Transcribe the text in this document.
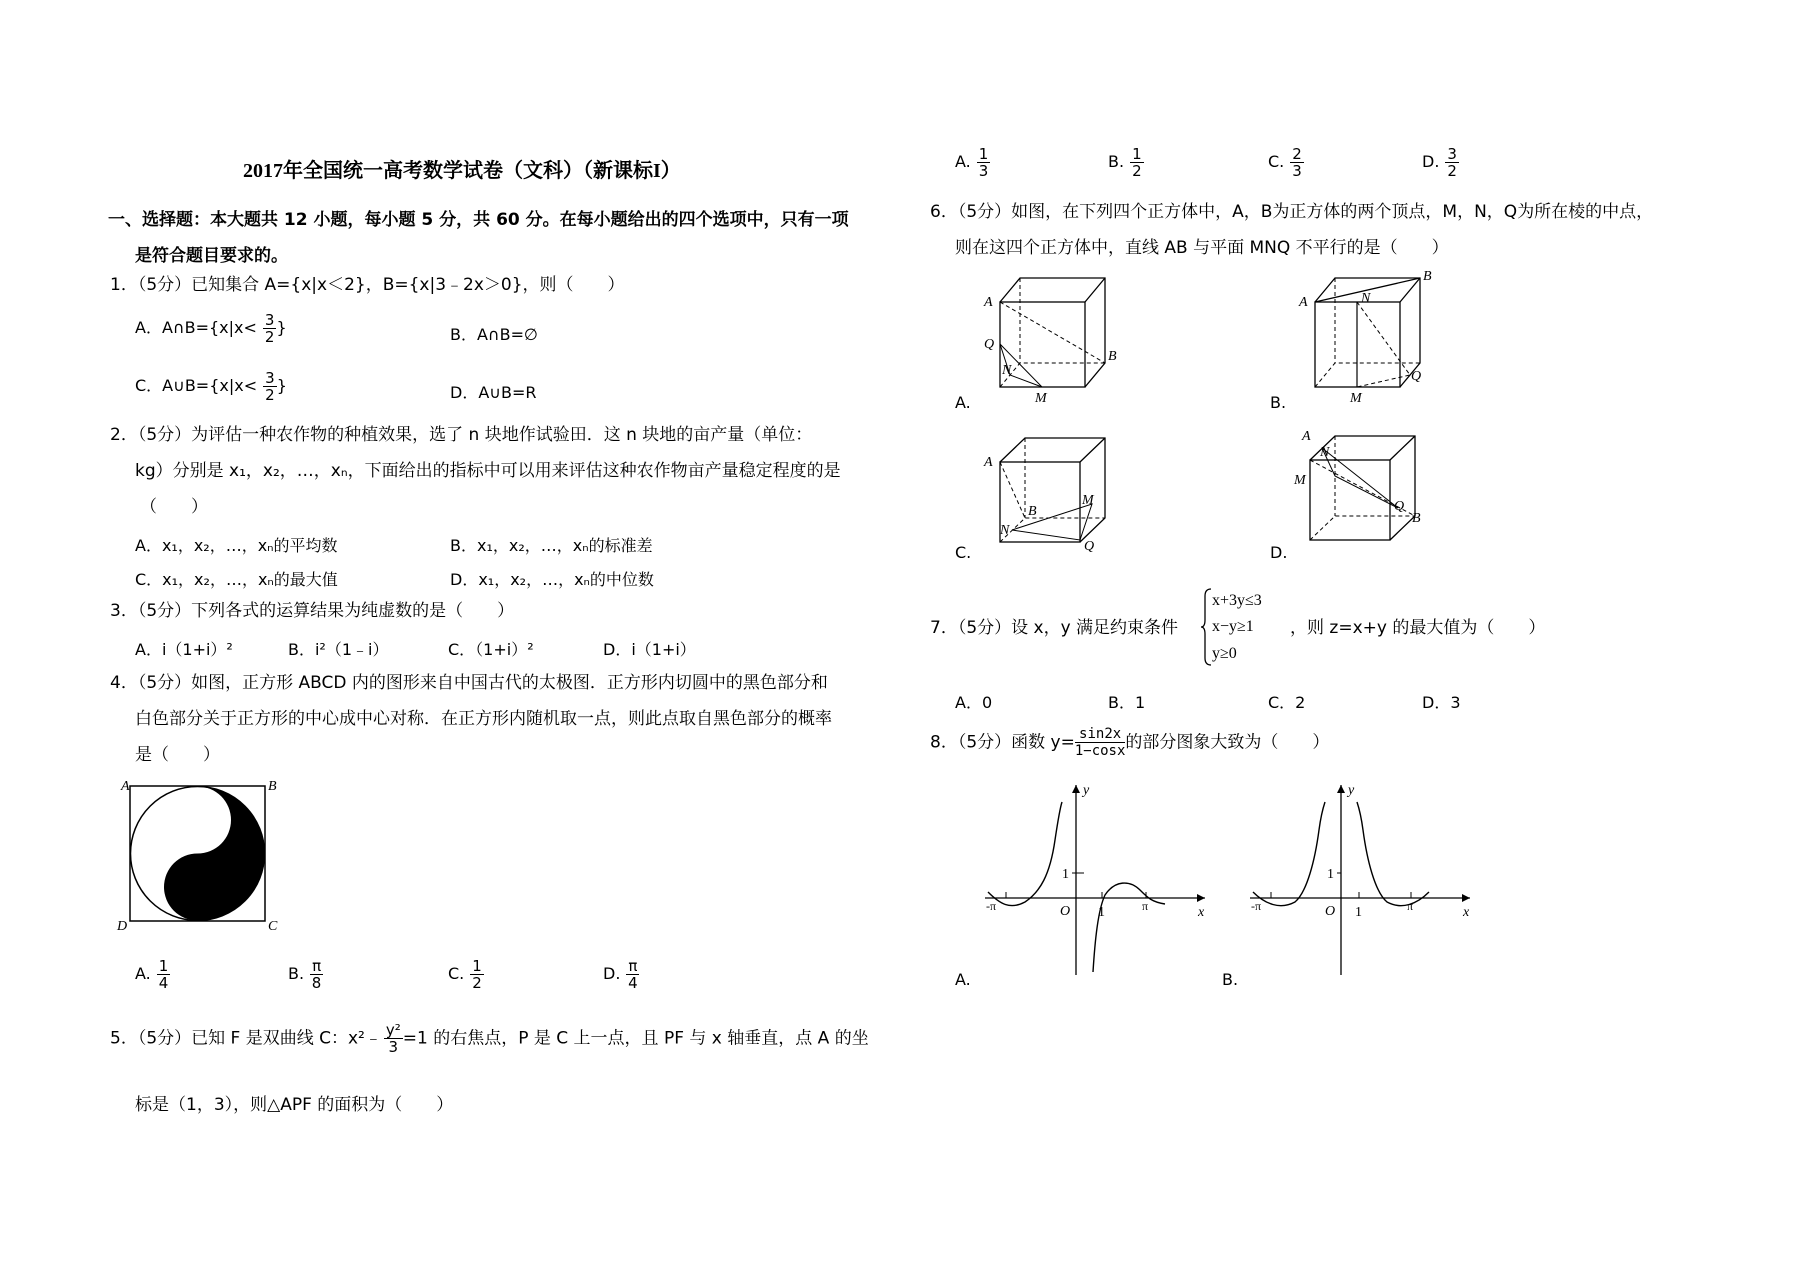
2017年全国统一高考数学试卷（文科）（新课标I）
一、选择题：本大题共 12 小题，每小题 5 分，共 60 分。在每小题给出的四个选项中，只有一项
是符合题目要求的。
1．（5分）已知集合 A={x|x＜2}，B={x|3﹣2x＞0}，则（　　）
A．A∩B={x|x< $\frac{3}{2}$ }	B．A∩B=∅
C．A∪B={x|x< $\frac{3}{2}$ }	D．A∪B=R
2．（5分）为评估一种农作物的种植效果，选了 n 块地作试验田．这 n 块地的亩产量（单位：
kg）分别是 x₁，x₂，…，xₙ，下面给出的指标中可以用来评估这种农作物亩产量稳定程度的是
（　　）
A．x₁，x₂，…，xₙ的平均数	B．x₁，x₂，…，xₙ的标准差
C．x₁，x₂，…，xₙ的最大值	D．x₁，x₂，…，xₙ的中位数
3．（5分）下列各式的运算结果为纯虚数的是（　　）
A．i（1+i）²	B．i²（1﹣i）	C．（1+i）²	D．i（1+i）
4．（5分）如图，正方形 ABCD 内的图形来自中国古代的太极图．正方形内切圆中的黑色部分和
白色部分关于正方形的中心成中心对称．在正方形内随机取一点，则此点取自黑色部分的概率
是（　　）
A	B
D	C
A. $\frac{1}{4}$	B. $\frac{\pi}{8}$	C. $\frac{1}{2}$	D. $\frac{\pi}{4}$
5．（5分）已知 F 是双曲线 C：x²﹣ $\frac{\text{y²}}{3} =1$ 的右焦点，P 是 C 上一点，且 PF 与 x 轴垂直，点 A 的坐
标是（1，3），则△APF 的面积为（　　）
A. $\frac{1}{3}$	B. $\frac{1}{2}$	C. $\frac{2}{3}$	D. $\frac{3}{2}$
6．（5分）如图，在下列四个正方体中，A，B为正方体的两个顶点，M，N，Q为所在棱的中点，
则在这四个正方体中，直线 AB 与平面 MNQ 不平行的是（　　）
A
Q
N
M
B
A.
A
B
N
Q
M
B.
A
B
N
M
Q
C.
A
N
M
Q
B
D.
7．（5分）设 x，y 满足约束条件
x+3y≤3
x−y≥1
y≥0
，则 z=x+y 的最大值为（　　）
A．0	B．1	C．2	D．3
8．（5分）函数 $y= \frac{\sin 2x}{1-\cos x}$ 的部分图象大致为（　　）
y
x
O
1
1	π
-π
A.
y
x
O
1
1	π
-π
B.
